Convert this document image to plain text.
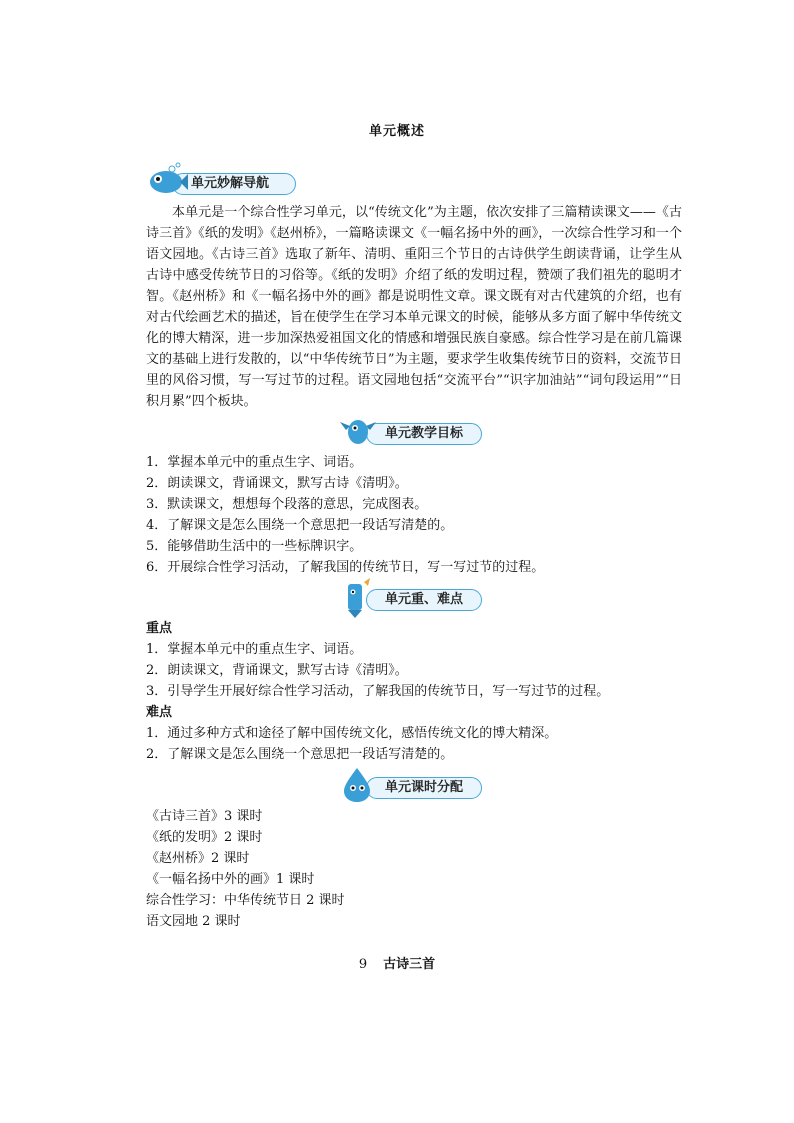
单元概述
单元妙解导航

本单元是一个综合性学习单元，以“传统文化”为主题，依次安排了三篇精读课文——《古诗三首》《纸的发明》《赵州桥》，一篇略读课文《一幅名扬中外的画》，一次综合性学习和一个语文园地。《古诗三首》选取了新年、清明、重阳三个节日的古诗供学生朗读背诵，让学生从古诗中感受传统节日的习俗等。《纸的发明》介绍了纸的发明过程，赞颂了我们祖先的聪明才智。《赵州桥》和《一幅名扬中外的画》都是说明性文章。课文既有对古代建筑的介绍，也有对古代绘画艺术的描述，旨在使学生在学习本单元课文的时候，能够从多方面了解中华传统文化的博大精深，进一步加深热爱祖国文化的情感和增强民族自豪感。综合性学习是在前几篇课文的基础上进行发散的，以“中华传统节日”为主题，要求学生收集传统节日的资料，交流节日里的风俗习惯，写一写过节的过程。语文园地包括“交流平台”“识字加油站”“词句段运用”“日积月累”四个板块。

单元教学目标
1．掌握本单元中的重点生字、词语。
2．朗读课文，背诵课文，默写古诗《清明》。
3．默读课文，想想每个段落的意思，完成图表。
4．了解课文是怎么围绕一个意思把一段话写清楚的。
5．能够借助生活中的一些标牌识字。
6．开展综合性学习活动，了解我国的传统节日，写一写过节的过程。
单元重、难点
重点
1．掌握本单元中的重点生字、词语。
2．朗读课文，背诵课文，默写古诗《清明》。
3．引导学生开展好综合性学习活动，了解我国的传统节日，写一写过节的过程。
难点
1．通过多种方式和途径了解中国传统文化，感悟传统文化的博大精深。
2．了解课文是怎么围绕一个意思把一段话写清楚的。
单元课时分配
《古诗三首》3 课时
《纸的发明》2 课时
《赵州桥》2 课时
《一幅名扬中外的画》1 课时
综合性学习：中华传统节日 2 课时
语文园地 2 课时
9 古诗三首
